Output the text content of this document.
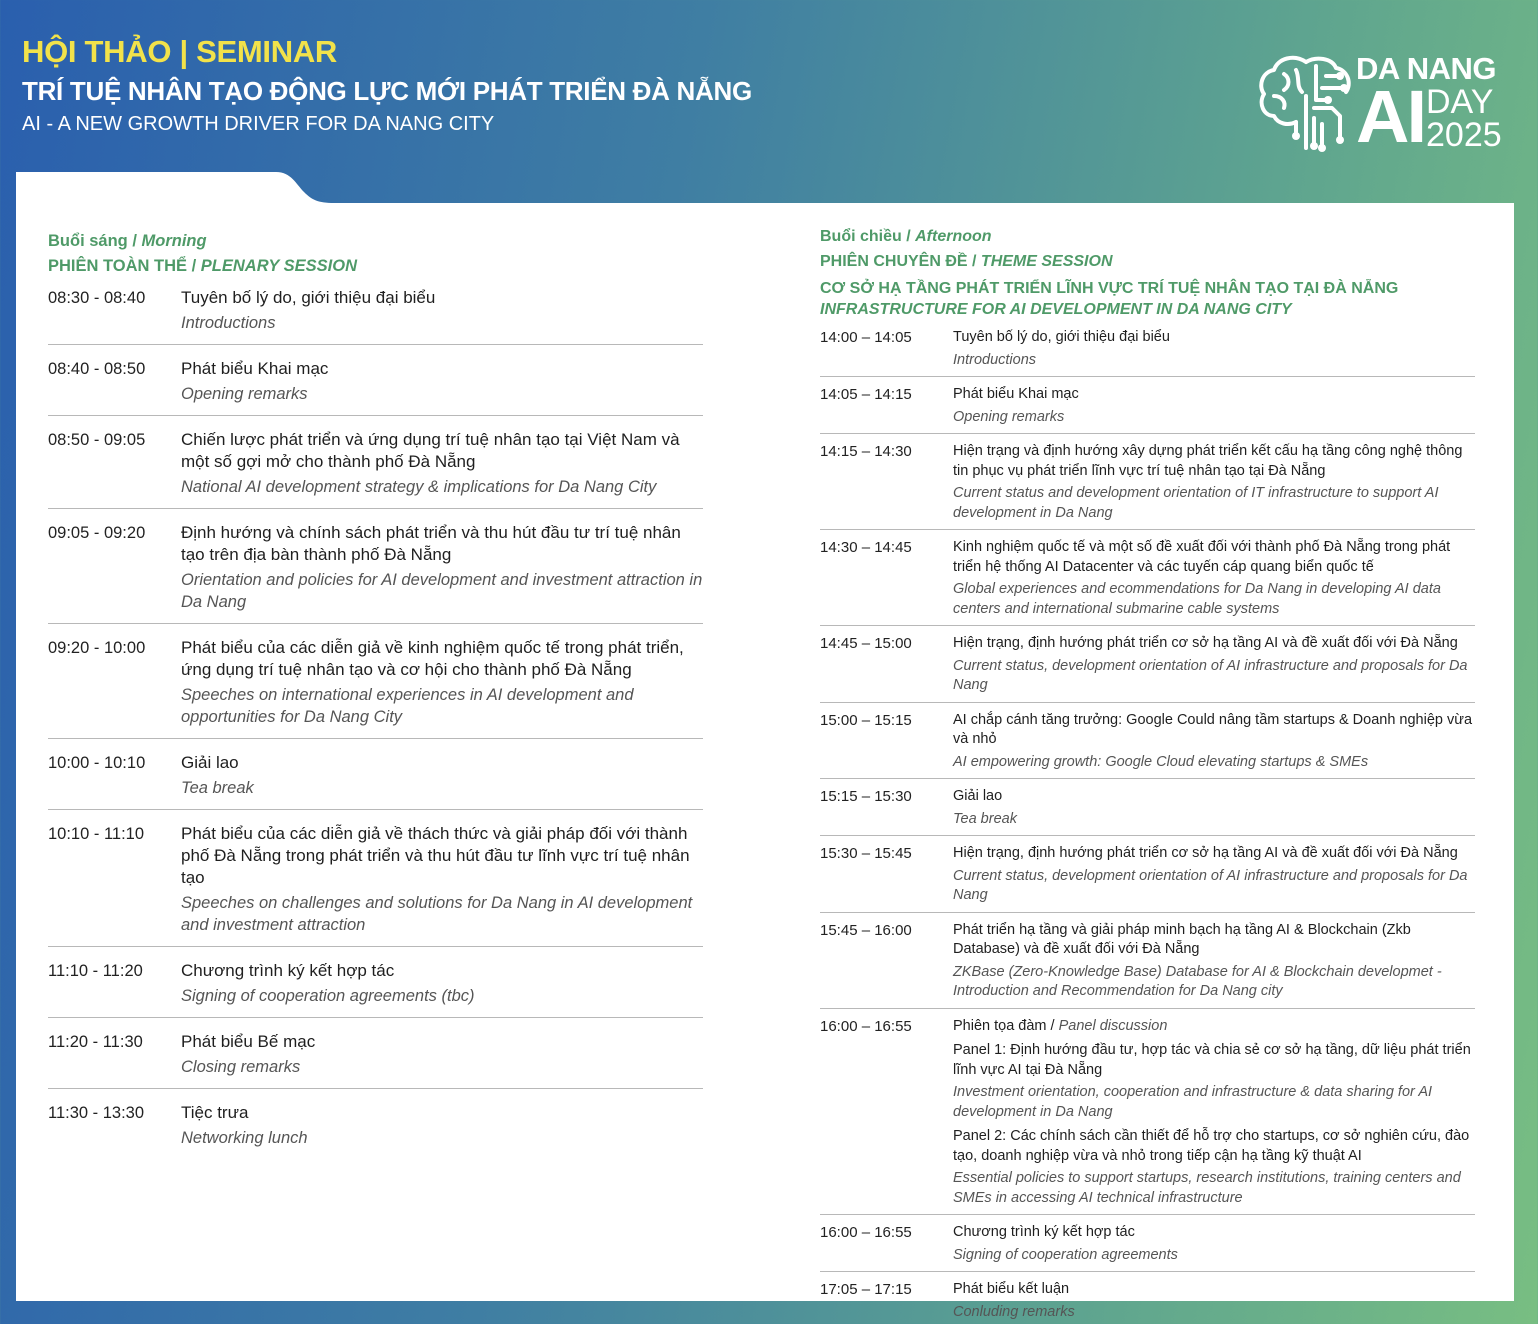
HỘI THẢO | SEMINAR
TRÍ TUỆ NHÂN TẠO ĐỘNG LỰC MỚI PHÁT TRIỂN ĐÀ NẴNG
AI - A NEW GROWTH DRIVER FOR DA NANG CITY
DA NANG
AI DAY
2025
Buổi sáng / Morning
PHIÊN TOÀN THỂ / PLENARY SESSION
08:30 - 08:40	Tuyên bố lý do, giới thiệu đại biểu
Introductions
08:40 - 08:50	Phát biểu Khai mạc
Opening remarks
08:50 - 09:05	Chiến lược phát triển và ứng dụng trí tuệ nhân tạo tại Việt Nam và một số gợi mở cho thành phố Đà Nẵng
National AI development strategy & implications for Da Nang City
09:05 - 09:20	Định hướng và chính sách phát triển và thu hút đầu tư trí tuệ nhân tạo trên địa bàn thành phố Đà Nẵng
Orientation and policies for AI development and investment attraction in Da Nang
09:20 - 10:00	Phát biểu của các diễn giả về kinh nghiệm quốc tế trong phát triển, ứng dụng trí tuệ nhân tạo và cơ hội cho thành phố Đà Nẵng
Speeches on international experiences in AI development and opportunities for Da Nang City
10:00 - 10:10	Giải lao
Tea break
10:10 - 11:10	Phát biểu của các diễn giả về thách thức và giải pháp đối với thành phố Đà Nẵng trong phát triển và thu hút đầu tư lĩnh vực trí tuệ nhân tạo
Speeches on challenges and solutions for Da Nang in AI development and investment attraction
11:10 - 11:20	Chương trình ký kết hợp tác
Signing of cooperation agreements (tbc)
11:20 - 11:30	Phát biểu Bế mạc
Closing remarks
11:30 - 13:30	Tiệc trưa
Networking lunch
Buổi chiều / Afternoon
PHIÊN CHUYÊN ĐỀ / THEME SESSION
CƠ SỞ HẠ TẦNG PHÁT TRIỂN LĨNH VỰC TRÍ TUỆ NHÂN TẠO TẠI ĐÀ NẴNG
INFRASTRUCTURE FOR AI DEVELOPMENT IN DA NANG CITY
14:00 – 14:05	Tuyên bố lý do, giới thiệu đại biểu
Introductions
14:05 – 14:15	Phát biểu Khai mạc
Opening remarks
14:15 – 14:30	Hiện trạng và định hướng xây dựng phát triển kết cấu hạ tầng công nghệ thông tin phục vụ phát triển lĩnh vực trí tuệ nhân tạo tại Đà Nẵng
Current status and development orientation of IT infrastructure to support AI development in Da Nang
14:30 – 14:45	Kinh nghiệm quốc tế và một số đề xuất đối với thành phố Đà Nẵng trong phát triển hệ thống AI Datacenter và các tuyến cáp quang biển quốc tế
Global experiences and ecommendations for Da Nang in developing AI data centers and international submarine cable systems
14:45 – 15:00	Hiện trạng, định hướng phát triển cơ sở hạ tầng AI và đề xuất đối với Đà Nẵng
Current status, development orientation of AI infrastructure and proposals for Da Nang
15:00 – 15:15	AI chắp cánh tăng trưởng: Google Could nâng tầm startups & Doanh nghiệp vừa và nhỏ
AI empowering growth: Google Cloud elevating startups & SMEs
15:15 – 15:30	Giải lao
Tea break
15:30 – 15:45	Hiện trạng, định hướng phát triển cơ sở hạ tầng AI và đề xuất đối với Đà Nẵng
Current status, development orientation of AI infrastructure and proposals for Da Nang
15:45 – 16:00	Phát triển hạ tầng và giải pháp minh bạch hạ tầng AI & Blockchain (Zkb Database) và đề xuất đối với Đà Nẵng
ZKBase (Zero-Knowledge Base) Database for AI & Blockchain developmet - Introduction and Recommendation for Da Nang city
16:00 – 16:55	Phiên tọa đàm / Panel discussion
Panel 1: Định hướng đầu tư, hợp tác và chia sẻ cơ sở hạ tầng, dữ liệu phát triển lĩnh vực AI tại Đà Nẵng
Investment orientation, cooperation and infrastructure & data sharing for AI development in Da Nang
Panel 2: Các chính sách cần thiết để hỗ trợ cho startups, cơ sở nghiên cứu, đào tạo, doanh nghiệp vừa và nhỏ trong tiếp cận hạ tầng kỹ thuật AI
Essential policies to support startups, research institutions, training centers and SMEs in accessing AI technical infrastructure
16:00 – 16:55	Chương trình ký kết hợp tác
Signing of cooperation agreements
17:05 – 17:15	Phát biểu kết luận
Conluding remarks
